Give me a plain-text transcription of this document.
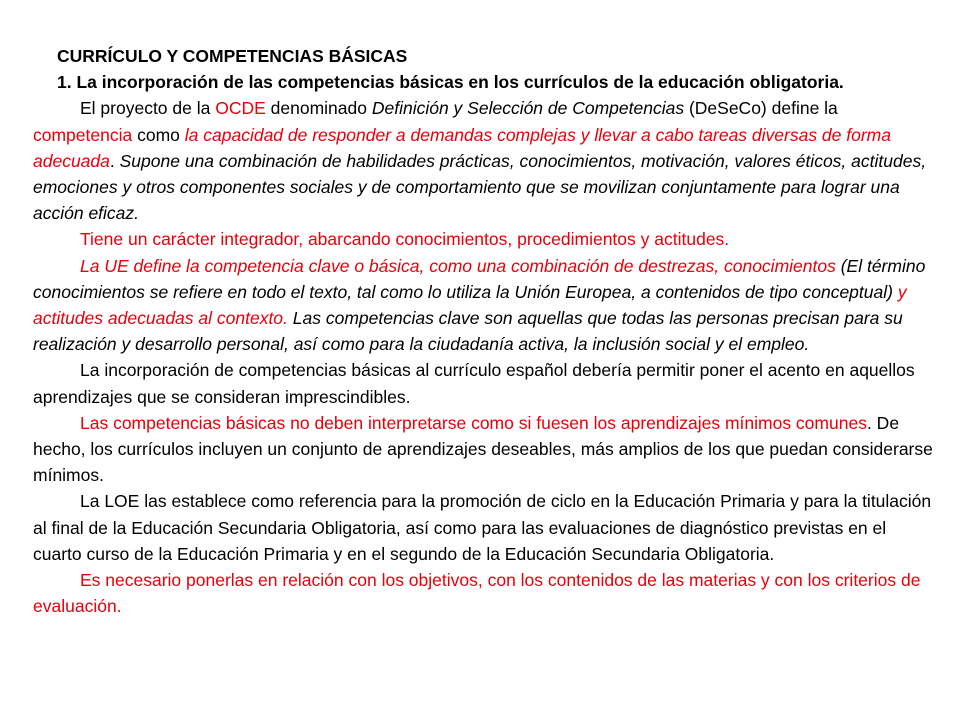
CURRÍCULO Y COMPETENCIAS BÁSICAS

1. La incorporación de las competencias básicas en los currículos de la educación obligatoria.

El proyecto de la OCDE denominado Definición y Selección de Competencias (DeSeCo) define la competencia como la capacidad de responder a demandas complejas y llevar a cabo tareas diversas de forma adecuada. Supone una combinación de habilidades prácticas, conocimientos, motivación, valores éticos, actitudes, emociones y otros componentes sociales y de comportamiento que se movilizan conjuntamente para lograr una acción eficaz.

Tiene un carácter integrador, abarcando conocimientos, procedimientos y actitudes.

La UE define la competencia clave o básica, como una combinación de destrezas, conocimientos (El término conocimientos se refiere en todo el texto, tal como lo utiliza la Unión Europea, a contenidos de tipo conceptual) y actitudes adecuadas al contexto. Las competencias clave son aquellas que todas las personas precisan para su realización y desarrollo personal, así como para la ciudadanía activa, la inclusión social y el empleo.

La incorporación de competencias básicas al currículo español debería permitir poner el acento en aquellos aprendizajes que se consideran imprescindibles.

Las competencias básicas no deben interpretarse como si fuesen los aprendizajes mínimos comunes. De hecho, los currículos incluyen un conjunto de aprendizajes deseables, más amplios de los que puedan considerarse mínimos.

La LOE las establece como referencia para la promoción de ciclo en la Educación Primaria y para la titulación al final de la Educación Secundaria Obligatoria, así como para las evaluaciones de diagnóstico previstas en el cuarto curso de la Educación Primaria y en el segundo de la Educación Secundaria Obligatoria.

Es necesario ponerlas en relación con los objetivos, con los contenidos de las materias y con los criterios de evaluación.
